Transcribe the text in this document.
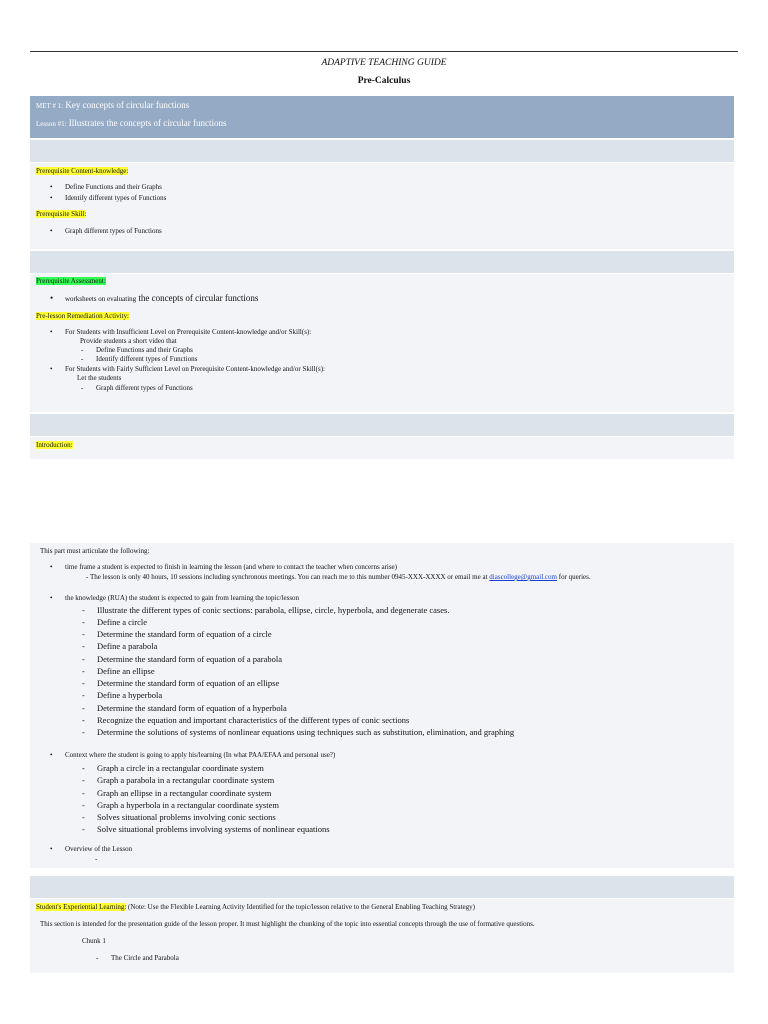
ADAPTIVE TEACHING GUIDE
Pre-Calculus
MET # 1: Key concepts of circular functions
Lesson #1: Illustrates the concepts of circular functions
Prerequisite Content-knowledge:
• Define Functions and their Graphs
• Identify different types of Functions
Prerequisite Skill:
• Graph different types of Functions
Prerequisite Assessment:
• worksheets on evaluating the concepts of circular functions
Pre-lesson Remediation Activity:
• For Students with Insufficient Level on Prerequisite Content-knowledge and/or Skill(s):
Provide students a short video that
- Define Functions and their Graphs
- Identify different types of Functions
• For Students with Fairly Sufficient Level on Prerequisite Content-knowledge and/or Skill(s):
Let the students
- Graph different types of Functions
Introduction:
This part must articulate the following:
• time frame a student is expected to finish in learning the lesson (and where to contact the teacher when concerns arise)
- The lesson is only 40 hours, 10 sessions including synchronous meetings. You can reach me to this number 0945-XXX-XXXX or email me at diascollege@gmail.com for queries.
• the knowledge (RUA) the student is expected to gain from learning the topic/lesson
- Illustrate the different types of conic sections: parabola, ellipse, circle, hyperbola, and degenerate cases.
- Define a circle
- Determine the standard form of equation of a circle
- Define a parabola
- Determine the standard form of equation of a parabola
- Define an ellipse
- Determine the standard form of equation of an ellipse
- Define a hyperbola
- Determine the standard form of equation of a hyperbola
- Recognize the equation and important characteristics of the different types of conic sections
- Determine the solutions of systems of nonlinear equations using techniques such as substitution, elimination, and graphing
• Context where the student is going to apply his/learning (In what PAA/EFAA and personal use?)
- Graph a circle in a rectangular coordinate system
- Graph a parabola in a rectangular coordinate system
- Graph an ellipse in a rectangular coordinate system
- Graph a hyperbola in a rectangular coordinate system
- Solves situational problems involving conic sections
- Solve situational problems involving systems of nonlinear equations
• Overview of the Lesson
Student's Experiential Learning: (Note: Use the Flexible Learning Activity Identified for the topic/lesson relative to the General Enabling Teaching Strategy)
This section is intended for the presentation guide of the lesson proper. It must highlight the chunking of the topic into essential concepts through the use of formative questions.
Chunk 1
- The Circle and Parabola
